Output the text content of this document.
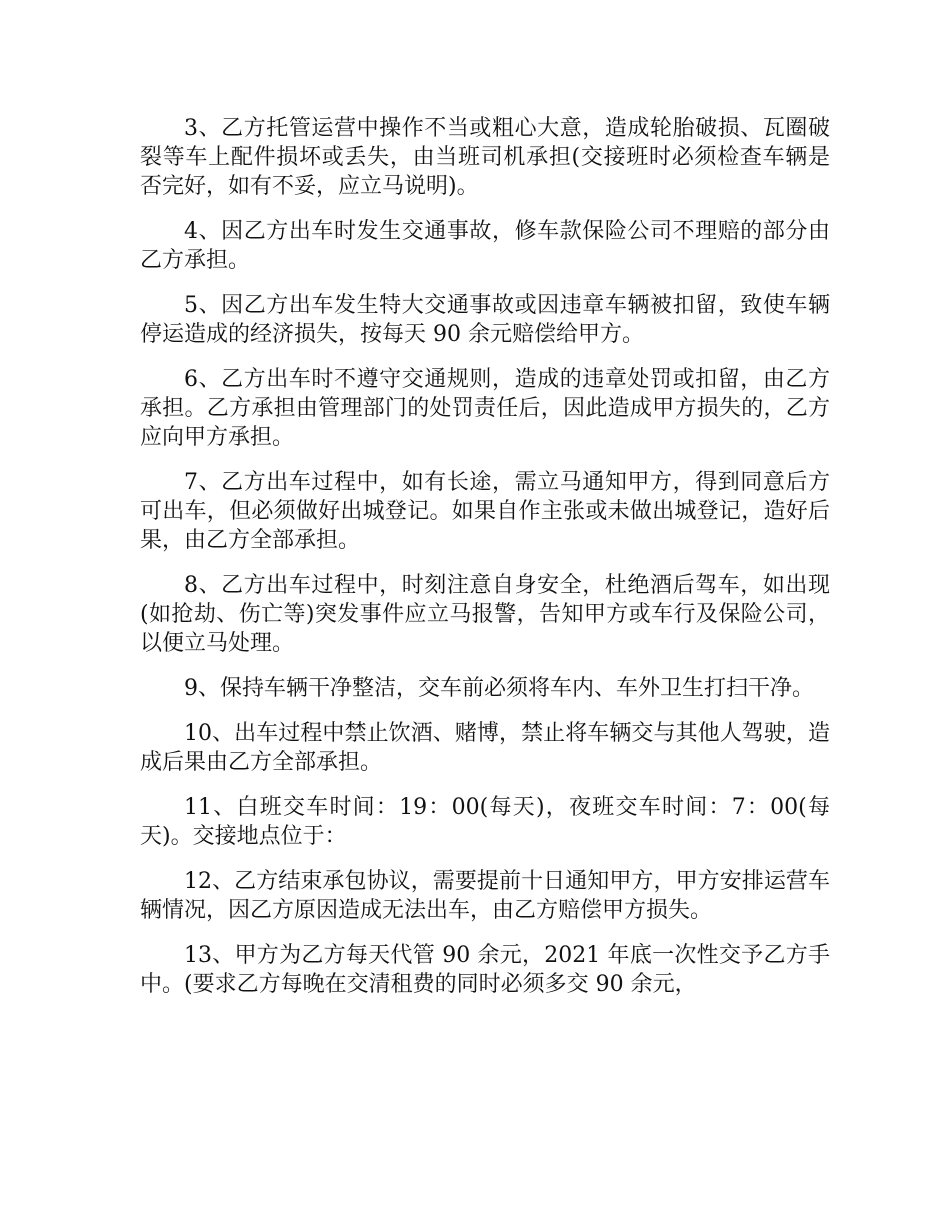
3、乙方托管运营中操作不当或粗心大意，造成轮胎破损、瓦圈破裂等车上配件损坏或丢失，由当班司机承担(交接班时必须检查车辆是否完好，如有不妥，应立马说明)。

4、因乙方出车时发生交通事故，修车款保险公司不理赔的部分由乙方承担。

5、因乙方出车发生特大交通事故或因违章车辆被扣留，致使车辆停运造成的经济损失，按每天 90 余元赔偿给甲方。

6、乙方出车时不遵守交通规则，造成的违章处罚或扣留，由乙方承担。乙方承担由管理部门的处罚责任后，因此造成甲方损失的，乙方应向甲方承担。

7、乙方出车过程中，如有长途，需立马通知甲方，得到同意后方可出车，但必须做好出城登记。如果自作主张或未做出城登记，造好后果，由乙方全部承担。

8、乙方出车过程中，时刻注意自身安全，杜绝酒后驾车，如出现(如抢劫、伤亡等)突发事件应立马报警，告知甲方或车行及保险公司，以便立马处理。

9、保持车辆干净整洁，交车前必须将车内、车外卫生打扫干净。

10、出车过程中禁止饮酒、赌博，禁止将车辆交与其他人驾驶，造成后果由乙方全部承担。

11、白班交车时间：19：00(每天)，夜班交车时间：7：00(每天)。交接地点位于：

12、乙方结束承包协议，需要提前十日通知甲方，甲方安排运营车辆情况，因乙方原因造成无法出车，由乙方赔偿甲方损失。

13、甲方为乙方每天代管 90 余元，2021 年底一次性交予乙方手中。(要求乙方每晚在交清租费的同时必须多交 90 余元，
